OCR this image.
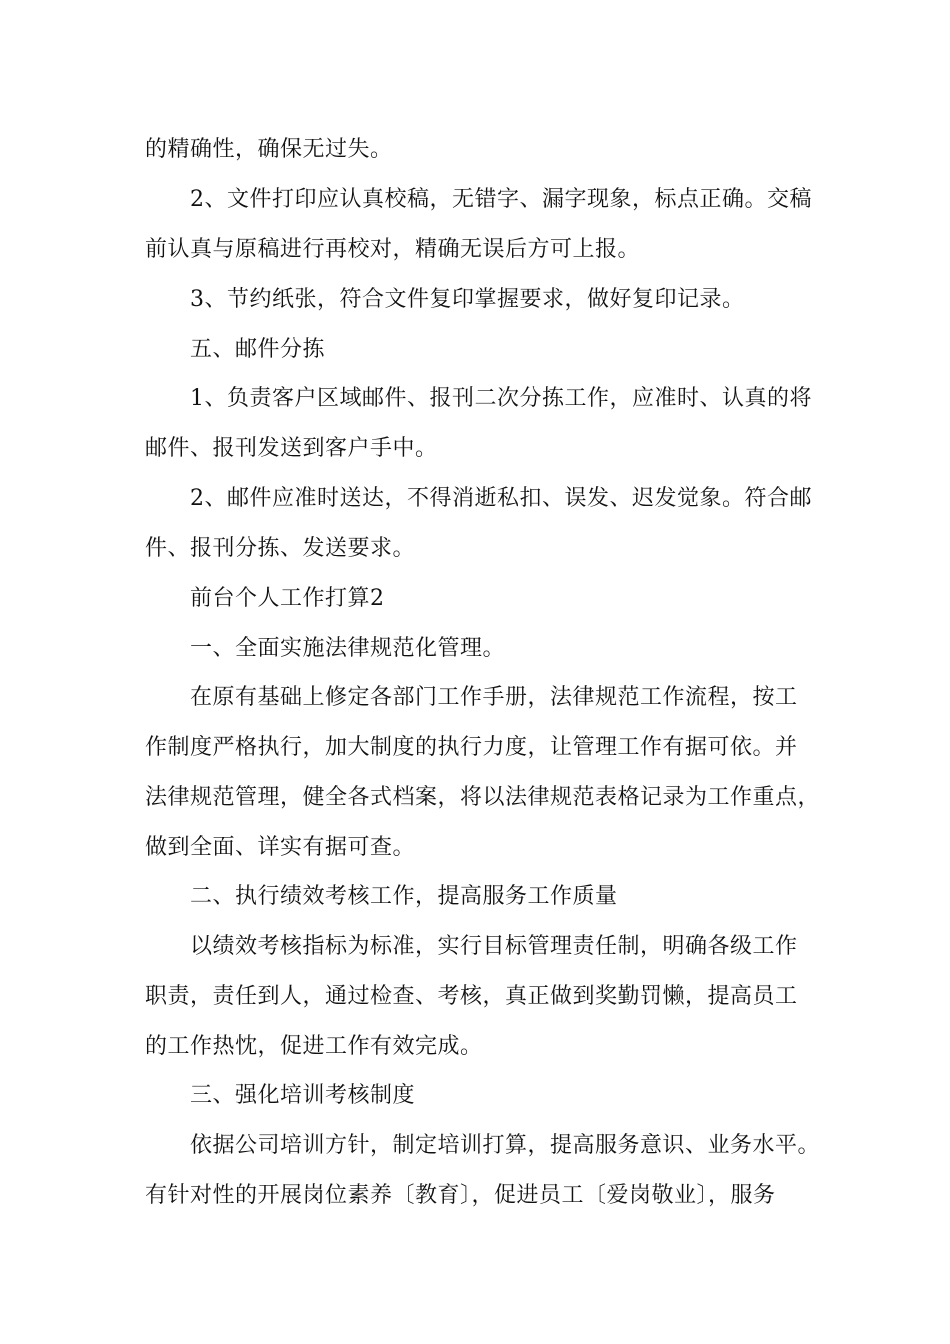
的精确性，确保无过失。
2、文件打印应认真校稿，无错字、漏字现象，标点正确。交稿
前认真与原稿进行再校对，精确无误后方可上报。
3、节约纸张，符合文件复印掌握要求，做好复印记录。
五、邮件分拣
1、负责客户区域邮件、报刊二次分拣工作，应准时、认真的将
邮件、报刊发送到客户手中。
2、邮件应准时送达，不得消逝私扣、误发、迟发觉象。符合邮
件、报刊分拣、发送要求。
前台个人工作打算2
一、全面实施法律规范化管理。
在原有基础上修定各部门工作手册，法律规范工作流程，按工
作制度严格执行，加大制度的执行力度，让管理工作有据可依。并
法律规范管理，健全各式档案，将以法律规范表格记录为工作重点，
做到全面、详实有据可查。
二、执行绩效考核工作，提高服务工作质量
以绩效考核指标为标准，实行目标管理责任制，明确各级工作
职责，责任到人，通过检查、考核，真正做到奖勤罚懒，提高员工
的工作热忱，促进工作有效完成。
三、强化培训考核制度
依据公司培训方针，制定培训打算，提高服务意识、业务水平。
有针对性的开展岗位素养〔教育〕，促进员工〔爱岗敬业〕，服务
